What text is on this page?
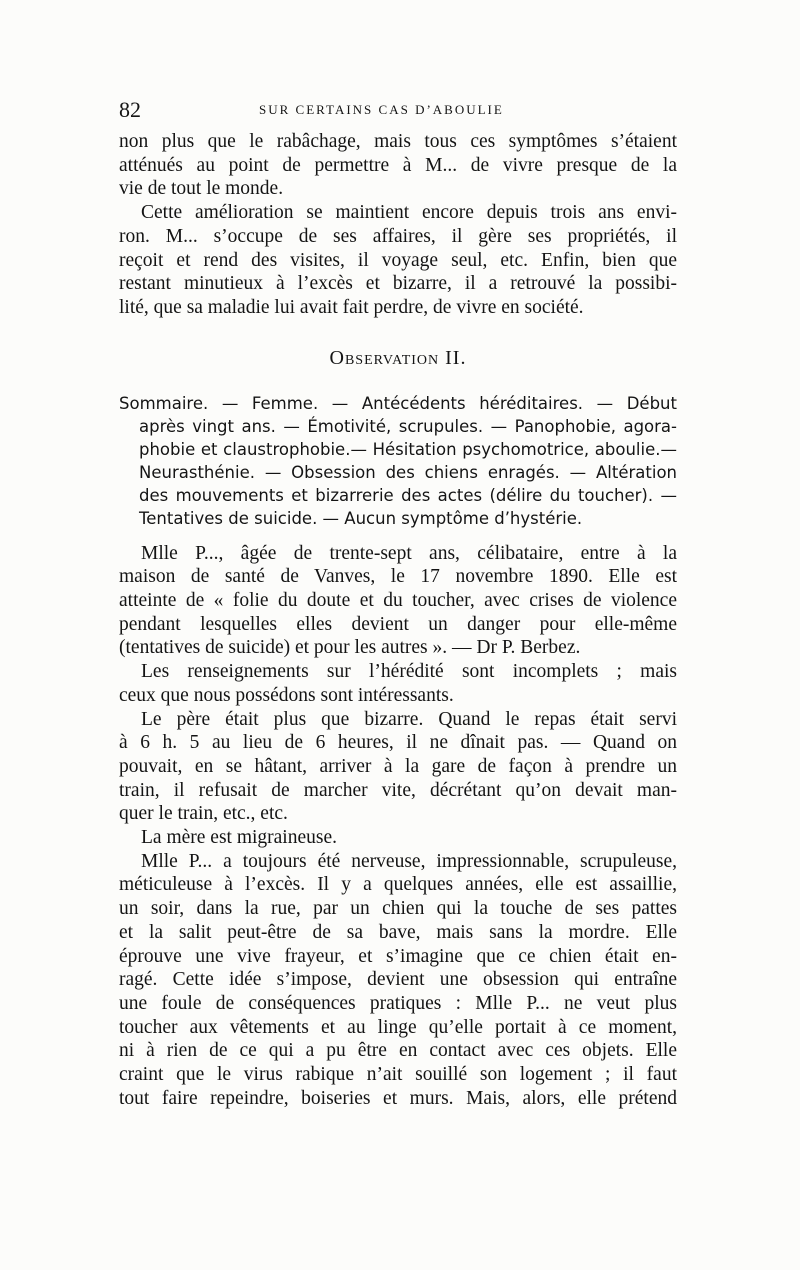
82	SUR CERTAINS CAS D’ABOULIE
non plus que le rabâchage, mais tous ces symptômes s’étaient
atténués au point de permettre à M... de vivre presque de la
vie de tout le monde.
Cette amélioration se maintient encore depuis trois ans envi-
ron. M... s’occupe de ses affaires, il gère ses propriétés, il
reçoit et rend des visites, il voyage seul, etc. Enfin, bien que
restant minutieux à l’excès et bizarre, il a retrouvé la possibi-
lité, que sa maladie lui avait fait perdre, de vivre en société.
Observation II.
Sommaire. — Femme. — Antécédents héréditaires. — Début
après vingt ans. — Émotivité, scrupules. — Panophobie, agora-
phobie et claustrophobie.— Hésitation psychomotrice, aboulie.—
Neurasthénie. — Obsession des chiens enragés. — Altération
des mouvements et bizarrerie des actes (délire du toucher). —
Tentatives de suicide. — Aucun symptôme d’hystérie.
Mlle P..., âgée de trente-sept ans, célibataire, entre à la
maison de santé de Vanves, le 17 novembre 1890. Elle est
atteinte de « folie du doute et du toucher, avec crises de violence
pendant lesquelles elles devient un danger pour elle-même
(tentatives de suicide) et pour les autres ». — Dr P. Berbez.
Les renseignements sur l’hérédité sont incomplets ; mais
ceux que nous possédons sont intéressants.
Le père était plus que bizarre. Quand le repas était servi
à 6 h. 5 au lieu de 6 heures, il ne dînait pas. — Quand on
pouvait, en se hâtant, arriver à la gare de façon à prendre un
train, il refusait de marcher vite, décrétant qu’on devait man-
quer le train, etc., etc.
La mère est migraineuse.
Mlle P... a toujours été nerveuse, impressionnable, scrupuleuse,
méticuleuse à l’excès. Il y a quelques années, elle est assaillie,
un soir, dans la rue, par un chien qui la touche de ses pattes
et la salit peut-être de sa bave, mais sans la mordre. Elle
éprouve une vive frayeur, et s’imagine que ce chien était en-
ragé. Cette idée s’impose, devient une obsession qui entraîne
une foule de conséquences pratiques : Mlle P... ne veut plus
toucher aux vêtements et au linge qu’elle portait à ce moment,
ni à rien de ce qui a pu être en contact avec ces objets. Elle
craint que le virus rabique n’ait souillé son logement ; il faut
tout faire repeindre, boiseries et murs. Mais, alors, elle prétend
